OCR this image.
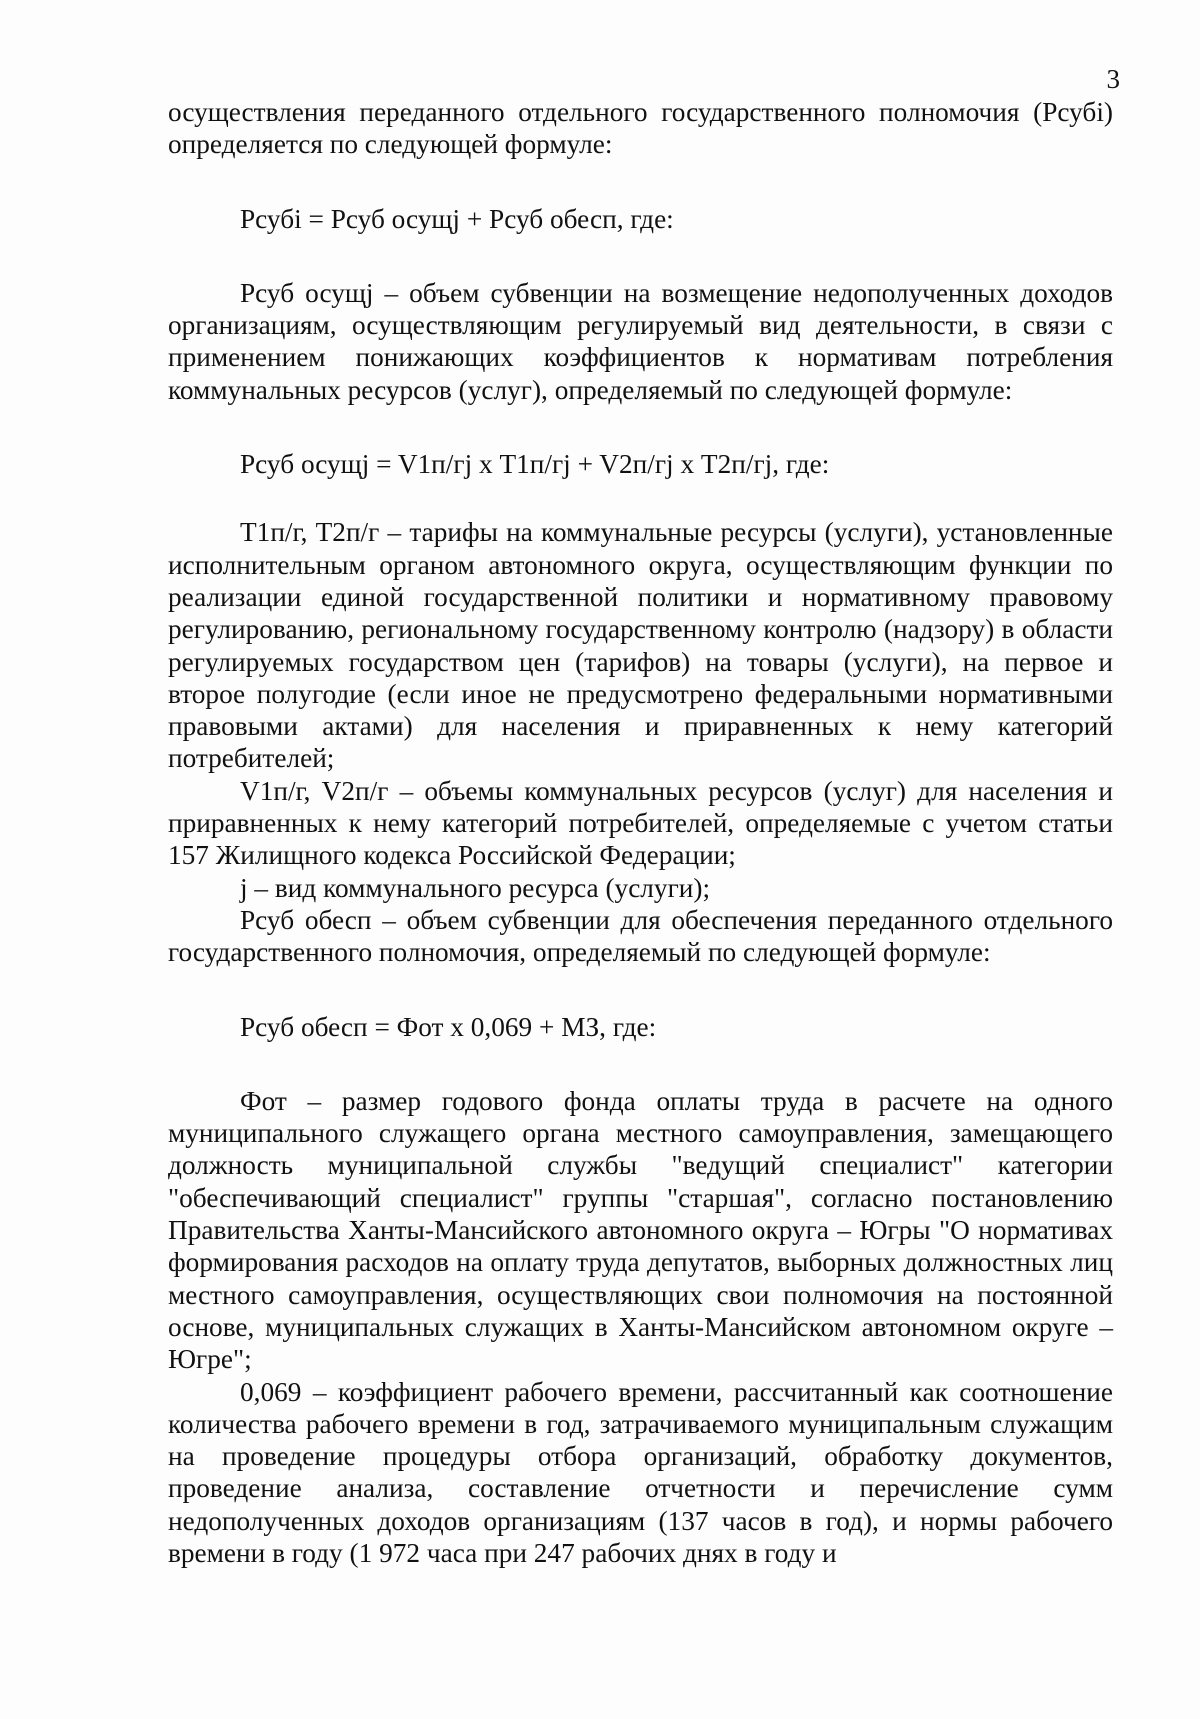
3

осуществления переданного отдельного государственного полномочия (Рсубi) определяется по следующей формуле:

Рсубi = Рсуб осущj + Рсуб обесп, где:

Рсуб осущj – объем субвенции на возмещение недополученных доходов организациям, осуществляющим регулируемый вид деятельности, в связи с применением понижающих коэффициентов к нормативам потребления коммунальных ресурсов (услуг), определяемый по следующей формуле:

Рсуб осущj = V1п/гj х Т1п/гj + V2п/гj х Т2п/гj, где:

Т1п/г, Т2п/г – тарифы на коммунальные ресурсы (услуги), установленные исполнительным органом автономного округа, осуществляющим функции по реализации единой государственной политики и нормативному правовому регулированию, региональному государственному контролю (надзору) в области регулируемых государством цен (тарифов) на товары (услуги), на первое и второе полугодие (если иное не предусмотрено федеральными нормативными правовыми актами) для населения и приравненных к нему категорий потребителей;

V1п/г, V2п/г – объемы коммунальных ресурсов (услуг) для населения и приравненных к нему категорий потребителей, определяемые с учетом статьи 157 Жилищного кодекса Российской Федерации;

j – вид коммунального ресурса (услуги);

Рсуб обесп – объем субвенции для обеспечения переданного отдельного государственного полномочия, определяемый по следующей формуле:

Рсуб обесп = Фот х 0,069 + МЗ, где:

Фот – размер годового фонда оплаты труда в расчете на одного муниципального служащего органа местного самоуправления, замещающего должность муниципальной службы "ведущий специалист" категории "обеспечивающий специалист" группы "старшая", согласно постановлению Правительства Ханты-Мансийского автономного округа – Югры "О нормативах формирования расходов на оплату труда депутатов, выборных должностных лиц местного самоуправления, осуществляющих свои полномочия на постоянной основе, муниципальных служащих в Ханты-Мансийском автономном округе – Югре";

0,069 – коэффициент рабочего времени, рассчитанный как соотношение количества рабочего времени в год, затрачиваемого муниципальным служащим на проведение процедуры отбора организаций, обработку документов, проведение анализа, составление отчетности и перечисление сумм недополученных доходов организациям (137 часов в год), и нормы рабочего времени в году (1 972 часа при 247 рабочих днях в году и
